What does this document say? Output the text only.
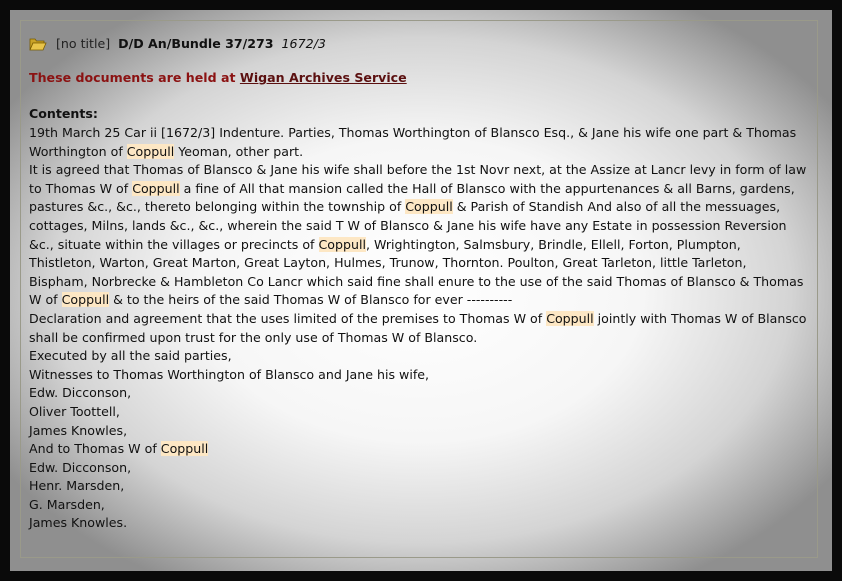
[no title] D/D An/Bundle 37/273 1672/3
These documents are held at Wigan Archives Service
Contents:
19th March 25 Car ii [1672/3] Indenture. Parties, Thomas Worthington of Blansco Esq., & Jane his wife one part & Thomas Worthington of Coppull Yeoman, other part.
It is agreed that Thomas of Blansco & Jane his wife shall before the 1st Novr next, at the Assize at Lancr levy in form of law to Thomas W of Coppull a fine of All that mansion called the Hall of Blansco with the appurtenances & all Barns, gardens, pastures &c., &c., thereto belonging within the township of Coppull & Parish of Standish And also of all the messuages, cottages, Milns, lands &c., &c., wherein the said T W of Blansco & Jane his wife have any Estate in possession Reversion &c., situate within the villages or precincts of Coppull, Wrightington, Salmsbury, Brindle, Ellell, Forton, Plumpton, Thistleton, Warton, Great Marton, Great Layton, Hulmes, Trunow, Thornton. Poulton, Great Tarleton, little Tarleton, Bispham, Norbrecke & Hambleton Co Lancr which said fine shall enure to the use of the said Thomas of Blansco & Thomas W of Coppull & to the heirs of the said Thomas W of Blansco for ever ----------
Declaration and agreement that the uses limited of the premises to Thomas W of Coppull jointly with Thomas W of Blansco shall be confirmed upon trust for the only use of Thomas W of Blansco.
Executed by all the said parties,
Witnesses to Thomas Worthington of Blansco and Jane his wife,
Edw. Dicconson,
Oliver Toottell,
James Knowles,
And to Thomas W of Coppull
Edw. Dicconson,
Henr. Marsden,
G. Marsden,
James Knowles.
